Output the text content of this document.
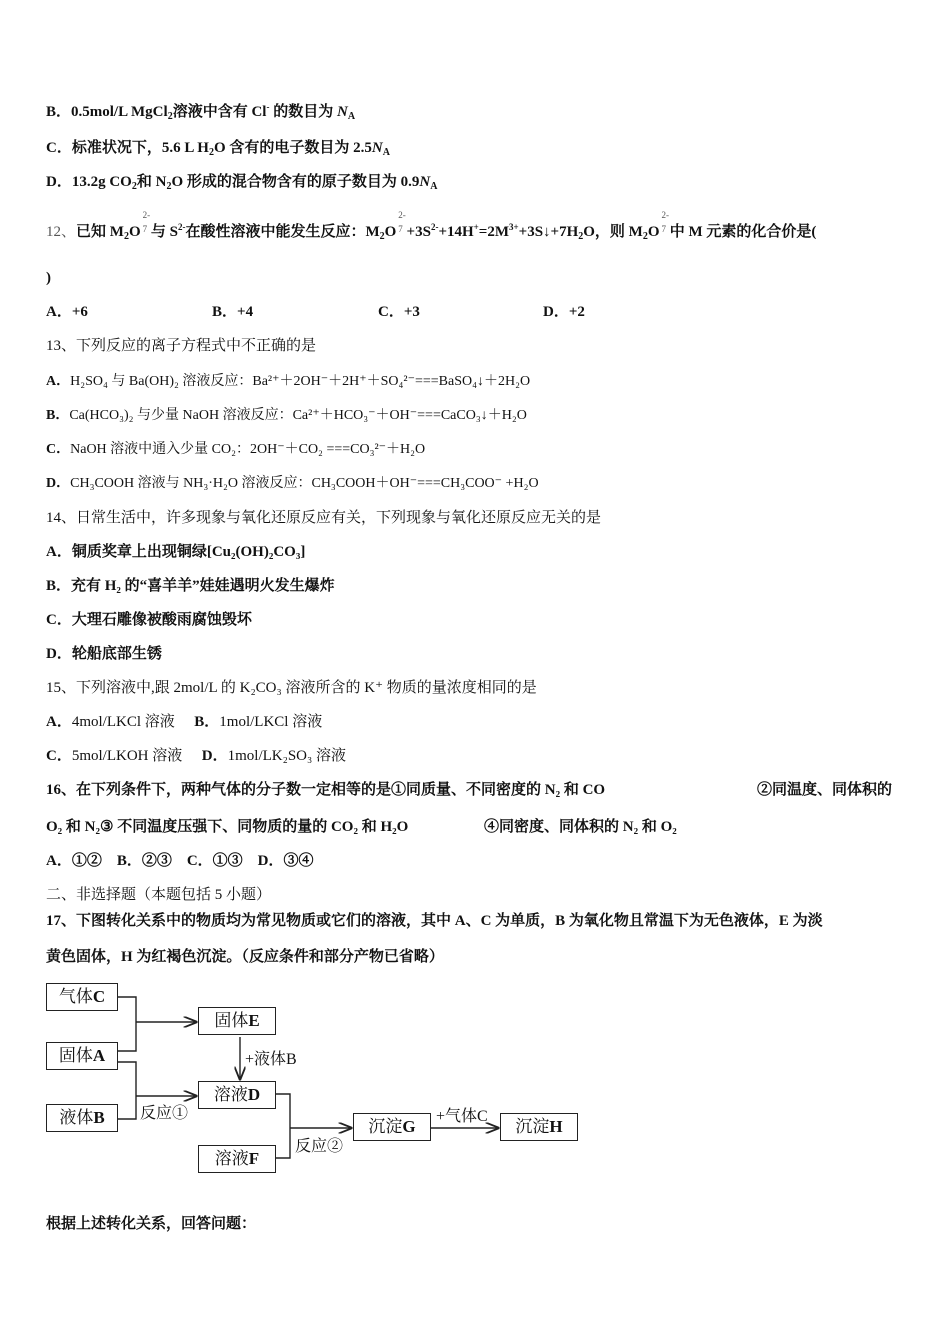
B．0.5mol/L MgCl$_2$溶液中含有 Cl- 的数目为 $N_A$
C．标准状况下，5.6 L $H_2O$ 含有的电子数目为 $2.5N_A$
D．13.2g $CO_2$和 $N_2O$ 形成的混合物含有的原子数目为 $0.9N_A$
12、已知 $M_2O$
2-
$^7$ 与 $S^{2-}$在酸性溶液中能发生反应：$M_2O$
2-
$^7 +3S^{2-}+14H^+=2M^{3+}+3S↓+7H_2O$，则 $M_2O$
2-
$^7$ 中 M 元素的化合价是(
)
A．+6	B．+4	C．+3	D．+2
13、下列反应的离子方程式中不正确的是
A．H₂SO₄ 与 Ba(OH)₂ 溶液反应：Ba²⁺＋2OH⁻＋2H⁺＋SO₄²⁻===BaSO₄↓＋2H₂O
B．Ca(HCO₃)₂ 与少量 NaOH 溶液反应：Ca²⁺＋HCO₃⁻＋OH⁻===CaCO₃↓＋H₂O
C．NaOH 溶液中通入少量 CO₂：2OH⁻＋CO₂ ===CO₃²⁻＋H₂O
D．CH₃COOH 溶液与 NH₃·H₂O 溶液反应：CH₃COOH＋OH⁻===CH₃COO⁻ +H₂O
14、日常生活中，许多现象与氧化还原反应有关，下列现象与氧化还原反应无关的是
A．铜质奖章上出现铜绿[Cu₂(OH)₂CO₃]
B．充有 H₂ 的“喜羊羊”娃娃遇明火发生爆炸
C．大理石雕像被酸雨腐蚀毁坏
D．轮船底部生锈
15、下列溶液中,跟 2mol/L 的 K₂CO₃ 溶液所含的 K⁺ 物质的量浓度相同的是
A．4mol/LKCl 溶液 B．1mol/LKCl 溶液
C．5mol/LKOH 溶液 D．1mol/LK₂SO₃ 溶液
16、在下列条件下，两种气体的分子数一定相等的是①同质量、不同密度的 N₂ 和 CO	②同温度、同体积的
O₂ 和 N₂③ 不同温度压强下、同物质的量的 CO₂ 和 H₂O	④同密度、同体积的 N₂ 和 O₂
A．①②　B．②③　C．①③　D．③④
二、非选择题（本题包括 5 小题）
17、下图转化关系中的物质均为常见物质或它们的溶液，其中 A、C 为单质，B 为氧化物且常温下为无色液体，E 为淡
黄色固体，H 为红褐色沉淀。（反应条件和部分产物已省略）
气体C
固体A
液体B
固体E
溶液D
溶液F
沉淀G	沉淀H
+液体B
反应①
反应②
+气体C
根据上述转化关系，回答问题：
